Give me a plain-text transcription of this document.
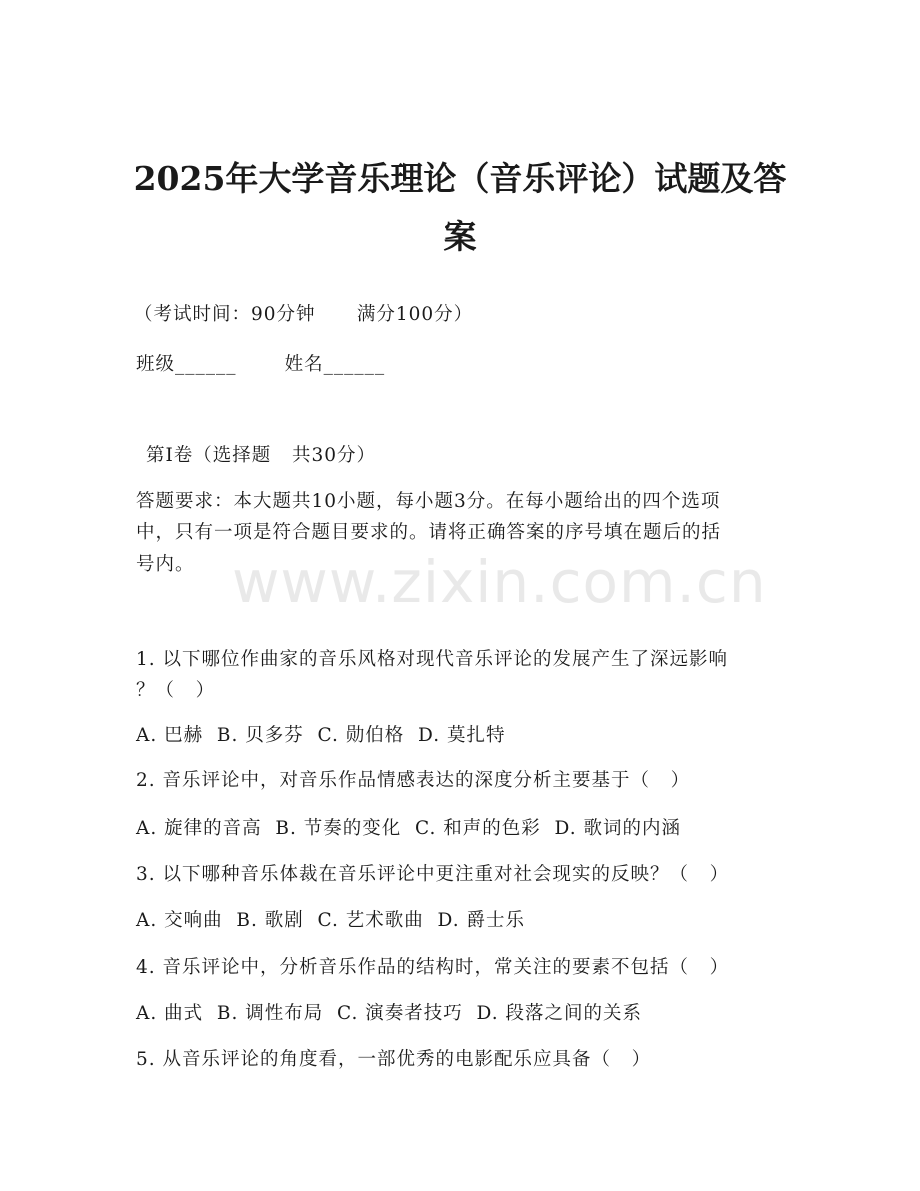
www.zixin.com.cn
2025年大学音乐理论（音乐评论）试题及答
案
（考试时间：90分钟      满分100分）
班级______       姓名______
第Ⅰ卷（选择题   共30分）
答题要求：本大题共10小题，每小题3分。在每小题给出的四个选项
中，只有一项是符合题目要求的。请将正确答案的序号填在题后的括
号内。
1. 以下哪位作曲家的音乐风格对现代音乐评论的发展产生了深远影响
？（   ）
A. 巴赫  B. 贝多芬  C. 勋伯格  D. 莫扎特
2. 音乐评论中，对音乐作品情感表达的深度分析主要基于（   ）
A. 旋律的音高  B. 节奏的变化  C. 和声的色彩  D. 歌词的内涵
3. 以下哪种音乐体裁在音乐评论中更注重对社会现实的反映？（   ）
A. 交响曲  B. 歌剧  C. 艺术歌曲  D. 爵士乐
4. 音乐评论中，分析音乐作品的结构时，常关注的要素不包括（   ）
A. 曲式  B. 调性布局  C. 演奏者技巧  D. 段落之间的关系
5. 从音乐评论的角度看，一部优秀的电影配乐应具备（   ）
